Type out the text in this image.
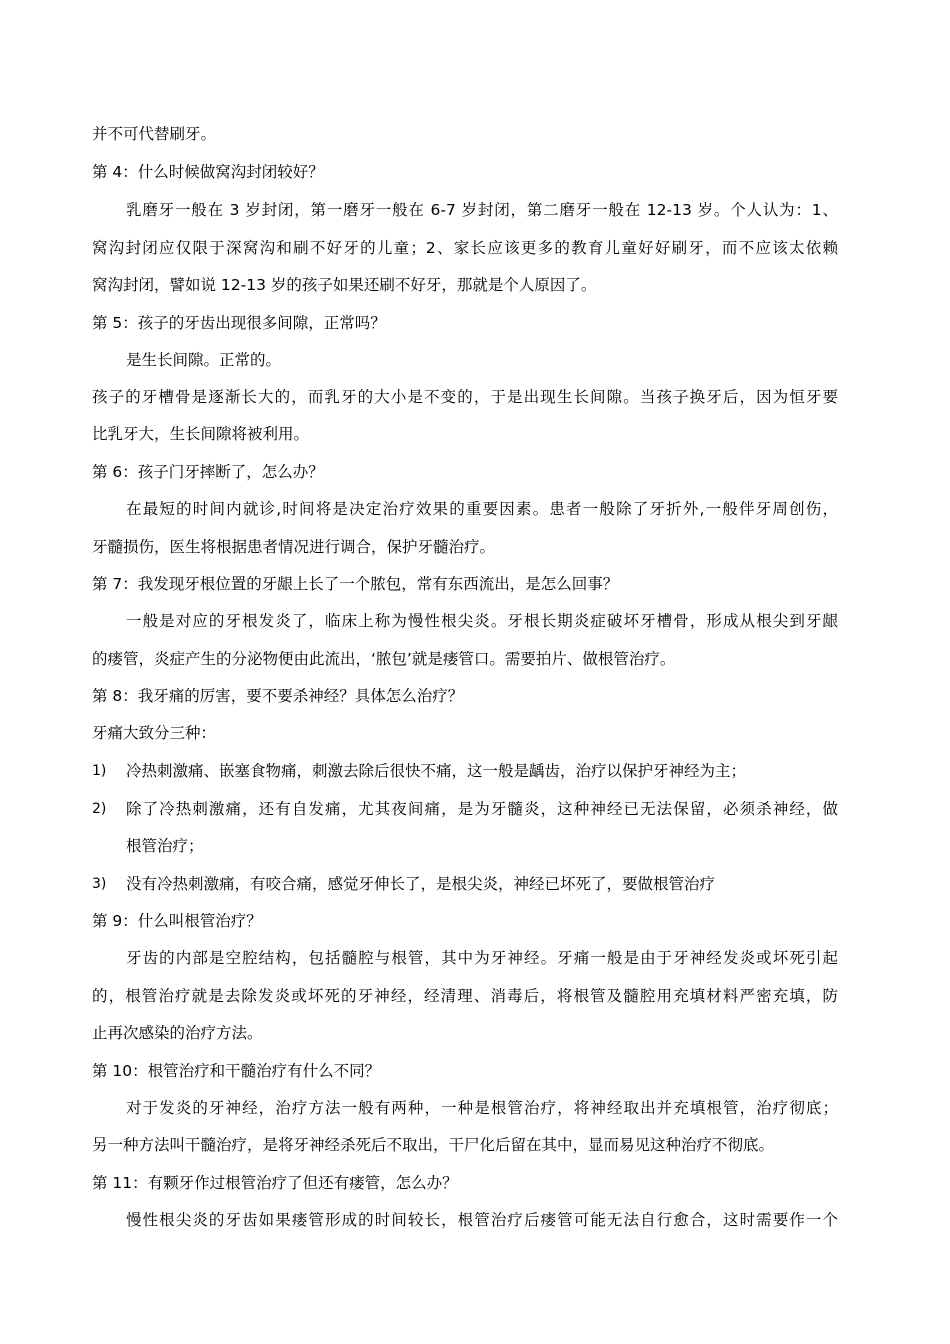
并不可代替刷牙。
第 4：什么时候做窝沟封闭较好？
乳磨牙一般在 3 岁封闭，第一磨牙一般在 6-7 岁封闭，第二磨牙一般在 12-13 岁。个人认为：1、
窝沟封闭应仅限于深窝沟和刷不好牙的儿童；2、家长应该更多的教育儿童好好刷牙，而不应该太依赖
窝沟封闭，譬如说 12-13 岁的孩子如果还刷不好牙，那就是个人原因了。
第 5：孩子的牙齿出现很多间隙，正常吗？
是生长间隙。正常的。
孩子的牙槽骨是逐渐长大的，而乳牙的大小是不变的，于是出现生长间隙。当孩子换牙后，因为恒牙要
比乳牙大，生长间隙将被利用。
第 6：孩子门牙摔断了，怎么办？
在最短的时间内就诊,时间将是决定治疗效果的重要因素。患者一般除了牙折外,一般伴牙周创伤，
牙髓损伤，医生将根据患者情况进行调合，保护牙髓治疗。
第 7：我发现牙根位置的牙龈上长了一个脓包，常有东西流出，是怎么回事？
一般是对应的牙根发炎了，临床上称为慢性根尖炎。牙根长期炎症破坏牙槽骨，形成从根尖到牙龈
的瘘管，炎症产生的分泌物便由此流出，‘脓包’就是瘘管口。需要拍片、做根管治疗。
第 8：我牙痛的厉害，要不要杀神经？具体怎么治疗？
牙痛大致分三种：
1) 冷热刺激痛、嵌塞食物痛，刺激去除后很快不痛，这一般是龋齿，治疗以保护牙神经为主；
2) 除了冷热刺激痛，还有自发痛，尤其夜间痛，是为牙髓炎，这种神经已无法保留，必须杀神经，做
根管治疗；
3) 没有冷热刺激痛，有咬合痛，感觉牙伸长了，是根尖炎，神经已坏死了，要做根管治疗
第 9：什么叫根管治疗？
牙齿的内部是空腔结构，包括髓腔与根管，其中为牙神经。牙痛一般是由于牙神经发炎或坏死引起
的，根管治疗就是去除发炎或坏死的牙神经，经清理、消毒后，将根管及髓腔用充填材料严密充填，防
止再次感染的治疗方法。
第 10：根管治疗和干髓治疗有什么不同？
对于发炎的牙神经，治疗方法一般有两种，一种是根管治疗，将神经取出并充填根管，治疗彻底；
另一种方法叫干髓治疗，是将牙神经杀死后不取出，干尸化后留在其中，显而易见这种治疗不彻底。
第 11：有颗牙作过根管治疗了但还有瘘管，怎么办？
慢性根尖炎的牙齿如果瘘管形成的时间较长，根管治疗后瘘管可能无法自行愈合，这时需要作一个
